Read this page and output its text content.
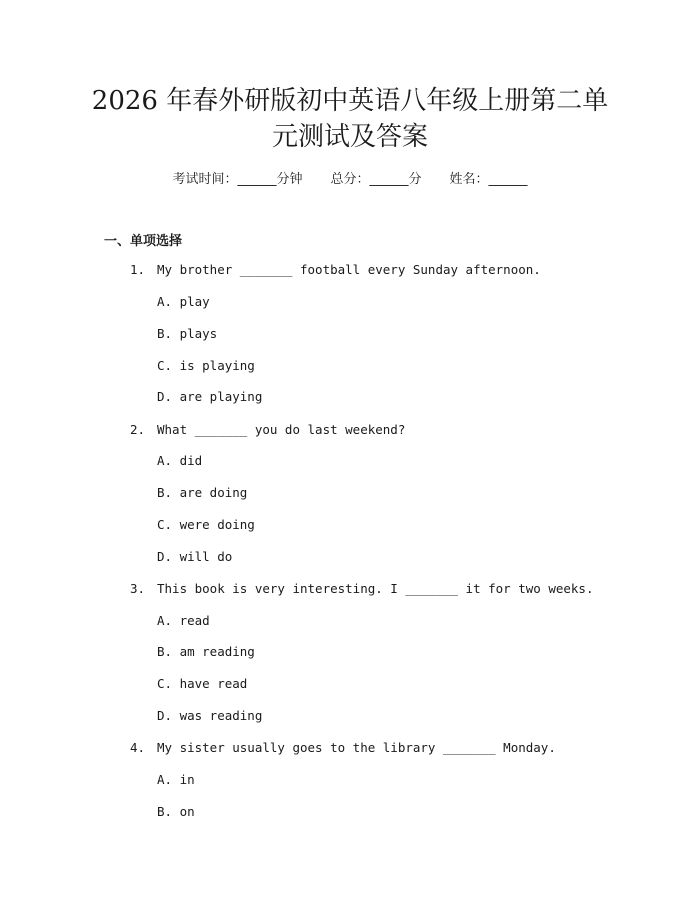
2026 年春外研版初中英语八年级上册第二单
元测试及答案
考试时间：______分钟 总分：______分 姓名：______
一、单项选择
1. My brother _______ football every Sunday afternoon.
A. play
B. plays
C. is playing
D. are playing
2. What _______ you do last weekend?
A. did
B. are doing
C. were doing
D. will do
3. This book is very interesting. I _______ it for two weeks.
A. read
B. am reading
C. have read
D. was reading
4. My sister usually goes to the library _______ Monday.
A. in
B. on
